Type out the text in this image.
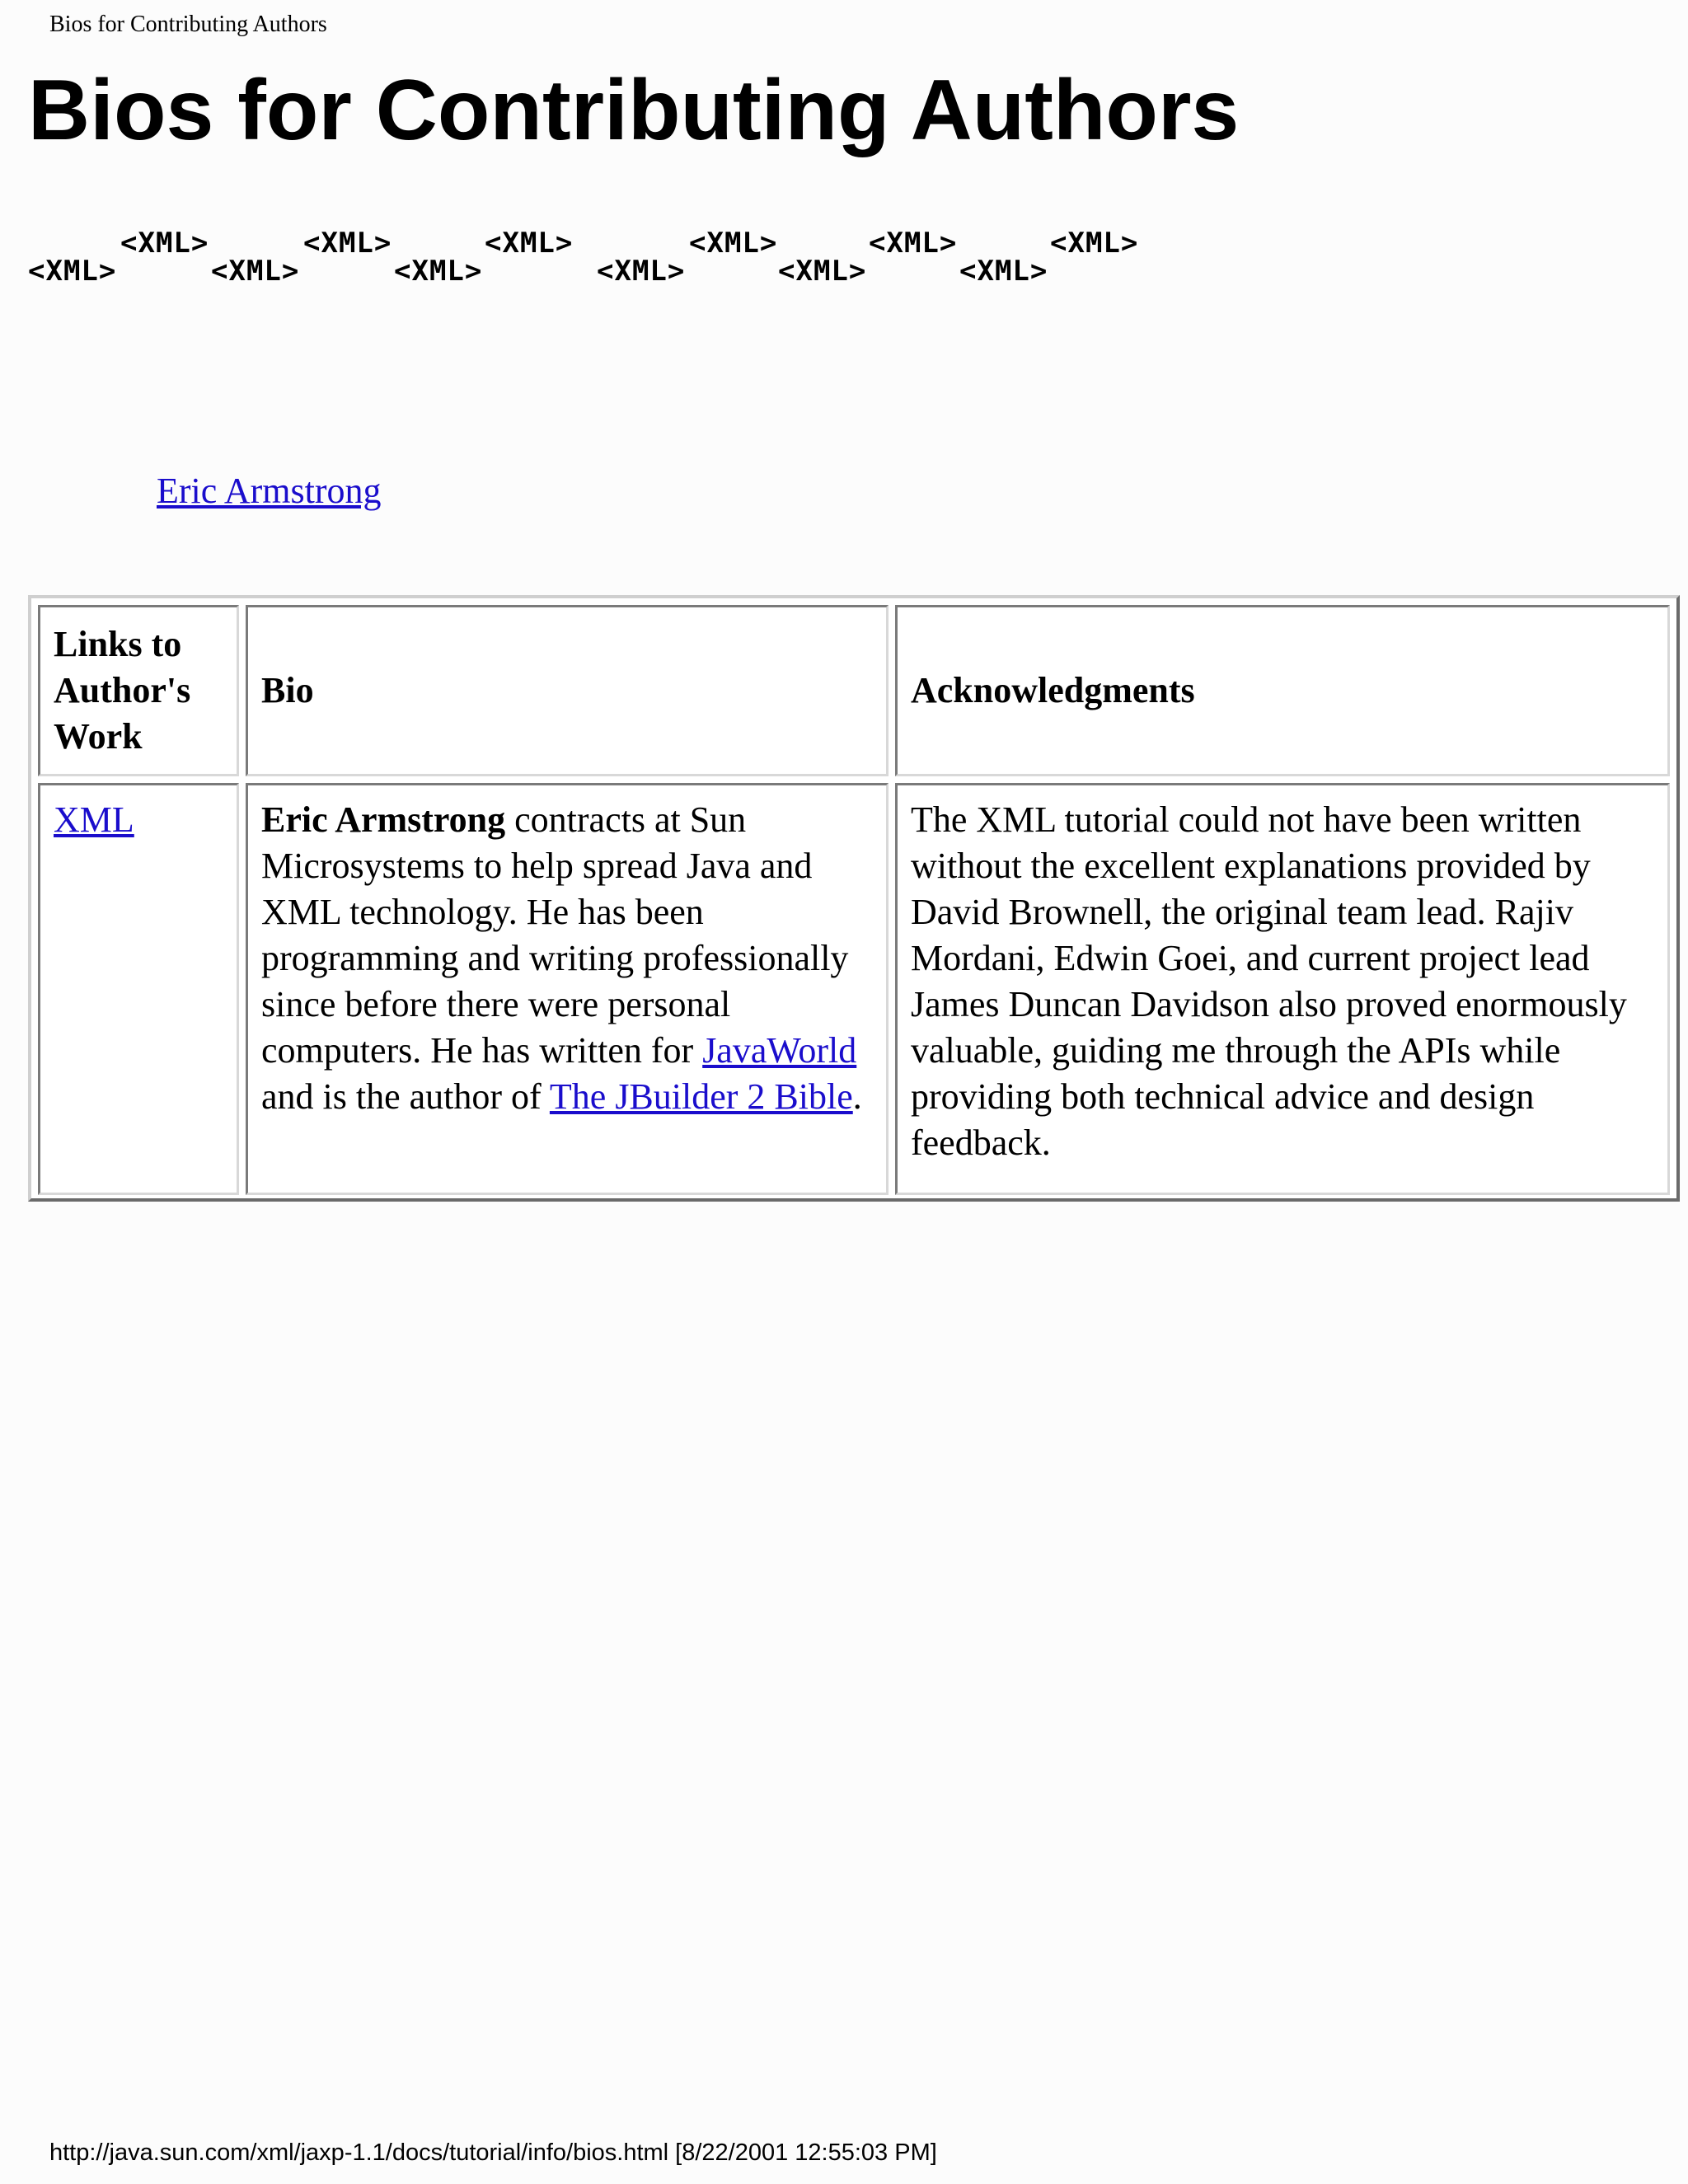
Bios for Contributing Authors
Bios for Contributing Authors
<XML>
<XML>
<XML>
<XML>
<XML>
<XML>
<XML>
<XML>
<XML>
<XML>
<XML>
<XML>
Eric Armstrong
Links to Author's Work
Bio	Acknowledgments
XML	Eric Armstrong contracts at Sun Microsystems to help spread Java and XML technology. He has been programming and writing professionally since before there were personal computers. He has written for JavaWorld and is the author of The JBuilder 2 Bible.
The XML tutorial could not have been written without the excellent explanations provided by David Brownell, the original team lead. Rajiv Mordani, Edwin Goei, and current project lead James Duncan Davidson also proved enormously valuable, guiding me through the APIs while providing both technical advice and design feedback.
http://java.sun.com/xml/jaxp-1.1/docs/tutorial/info/bios.html [8/22/2001 12:55:03 PM]
